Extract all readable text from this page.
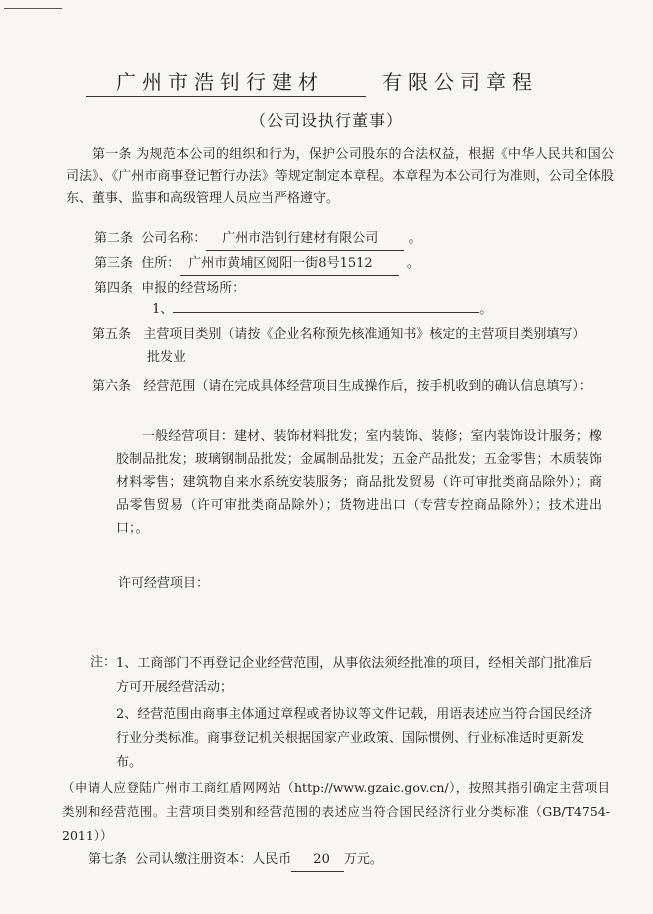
广州市浩钊行建材	有限公司章程
（公司设执行董事）
第一条 为规范本公司的组织和行为，保护公司股东的合法权益，根据《中华人民共和国公司法》、《广州市商事登记暂行办法》等规定制定本章程。本章程为本公司行为准则，公司全体股东、董事、监事和高级管理人员应当严格遵守。
第二条 公司名称： 广州市浩钊行建材有限公司 。
第三条 住所： 广州市黄埔区阅阳一街8号1512	。
第四条 申报的经营场所：
1、	。
第五条 主营项目类别（请按《企业名称预先核准通知书》核定的主营项目类别填写）
批发业
第六条 经营范围（请在完成具体经营项目生成操作后，按手机收到的确认信息填写）：
一般经营项目：建材、装饰材料批发；室内装饰、装修；室内装饰设计服务；橡胶制品批发；玻璃钢制品批发；金属制品批发；五金产品批发；五金零售；木质装饰材料零售；建筑物自来水系统安装服务；商品批发贸易（许可审批类商品除外）；商品零售贸易（许可审批类商品除外）；货物进出口（专营专控商品除外）；技术进出口；。
许可经营项目：
注： 1、工商部门不再登记企业经营范围，从事依法须经批准的项目，经相关部门批准后方可开展经营活动；
2、经营范围由商事主体通过章程或者协议等文件记载，用语表述应当符合国民经济行业分类标准。商事登记机关根据国家产业政策、国际惯例、行业标准适时更新发布。
（申请人应登陆广州市工商红盾网网站（http://www.gzaic.gov.cn/），按照其指引确定主营项目类别和经营范围。主营项目类别和经营范围的表述应当符合国民经济行业分类标准（GB/T4754-2011））
第七条 公司认缴注册资本：人民币 20 万元。
